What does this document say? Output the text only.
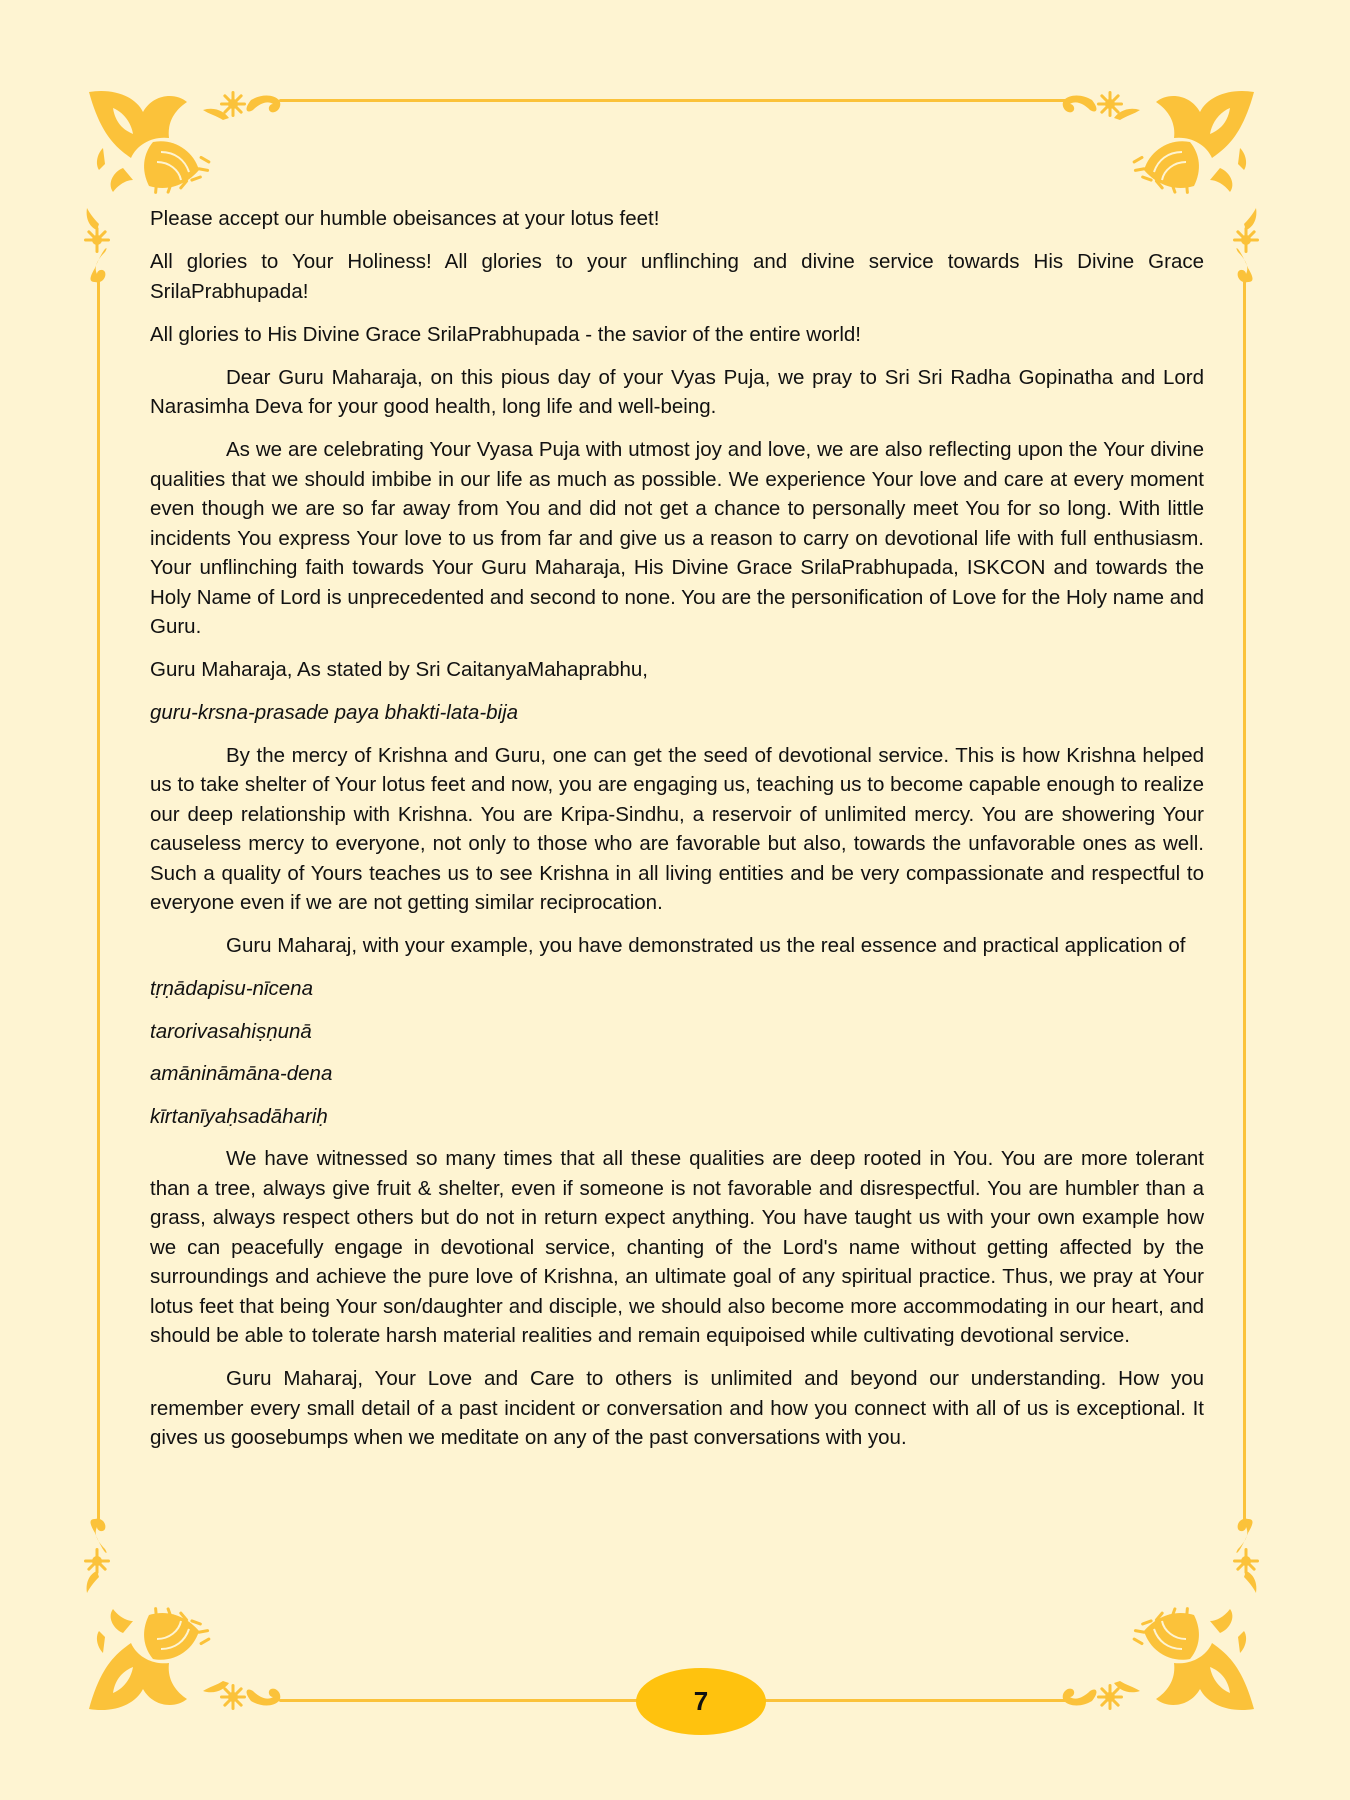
Please accept our humble obeisances at your lotus feet!

All glories to Your Holiness! All glories to your unflinching and divine service towards His Divine Grace SrilaPrabhupada!

All glories to His Divine Grace SrilaPrabhupada - the savior of the entire world!

Dear Guru Maharaja, on this pious day of your Vyas Puja, we pray to Sri Sri Radha Gopinatha and Lord Narasimha Deva for your good health, long life and well-being.

As we are celebrating Your Vyasa Puja with utmost joy and love, we are also reflecting upon the Your divine qualities that we should imbibe in our life as much as possible. We experience Your love and care at every moment even though we are so far away from You and did not get a chance to personally meet You for so long. With little incidents You express Your love to us from far and give us a reason to carry on devotional life with full enthusiasm. Your unflinching faith towards Your Guru Maharaja, His Divine Grace SrilaPrabhupada, ISKCON and towards the Holy Name of Lord is unprecedented and second to none. You are the personification of Love for the Holy name and Guru.

Guru Maharaja, As stated by Sri CaitanyaMahaprabhu,

guru-krsna-prasade paya bhakti-lata-bija

By the mercy of Krishna and Guru, one can get the seed of devotional service. This is how Krishna helped us to take shelter of Your lotus feet and now, you are engaging us, teaching us to become capable enough to realize our deep relationship with Krishna. You are Kripa-Sindhu, a reservoir of unlimited mercy. You are showering Your causeless mercy to everyone, not only to those who are favorable but also, towards the unfavorable ones as well. Such a quality of Yours teaches us to see Krishna in all living entities and be very compassionate and respectful to everyone even if we are not getting similar reciprocation.

Guru Maharaj, with your example, you have demonstrated us the real essence and practical application of

tṛṇādapisu-nīcena

tarorivasahiṣṇunā

amānināmāna-dena

kīrtanīyaḥsadāhariḥ

We have witnessed so many times that all these qualities are deep rooted in You. You are more tolerant than a tree, always give fruit & shelter, even if someone is not favorable and disrespectful. You are humbler than a grass, always respect others but do not in return expect anything. You have taught us with your own example how we can peacefully engage in devotional service, chanting of the Lord's name without getting affected by the surroundings and achieve the pure love of Krishna, an ultimate goal of any spiritual practice. Thus, we pray at Your lotus feet that being Your son/daughter and disciple, we should also become more accommodating in our heart, and should be able to tolerate harsh material realities and remain equipoised while cultivating devotional service.

Guru Maharaj, Your Love and Care to others is unlimited and beyond our understanding. How you remember every small detail of a past incident or conversation and how you connect with all of us is exceptional. It gives us goosebumps when we meditate on any of the past conversations with you.

7
